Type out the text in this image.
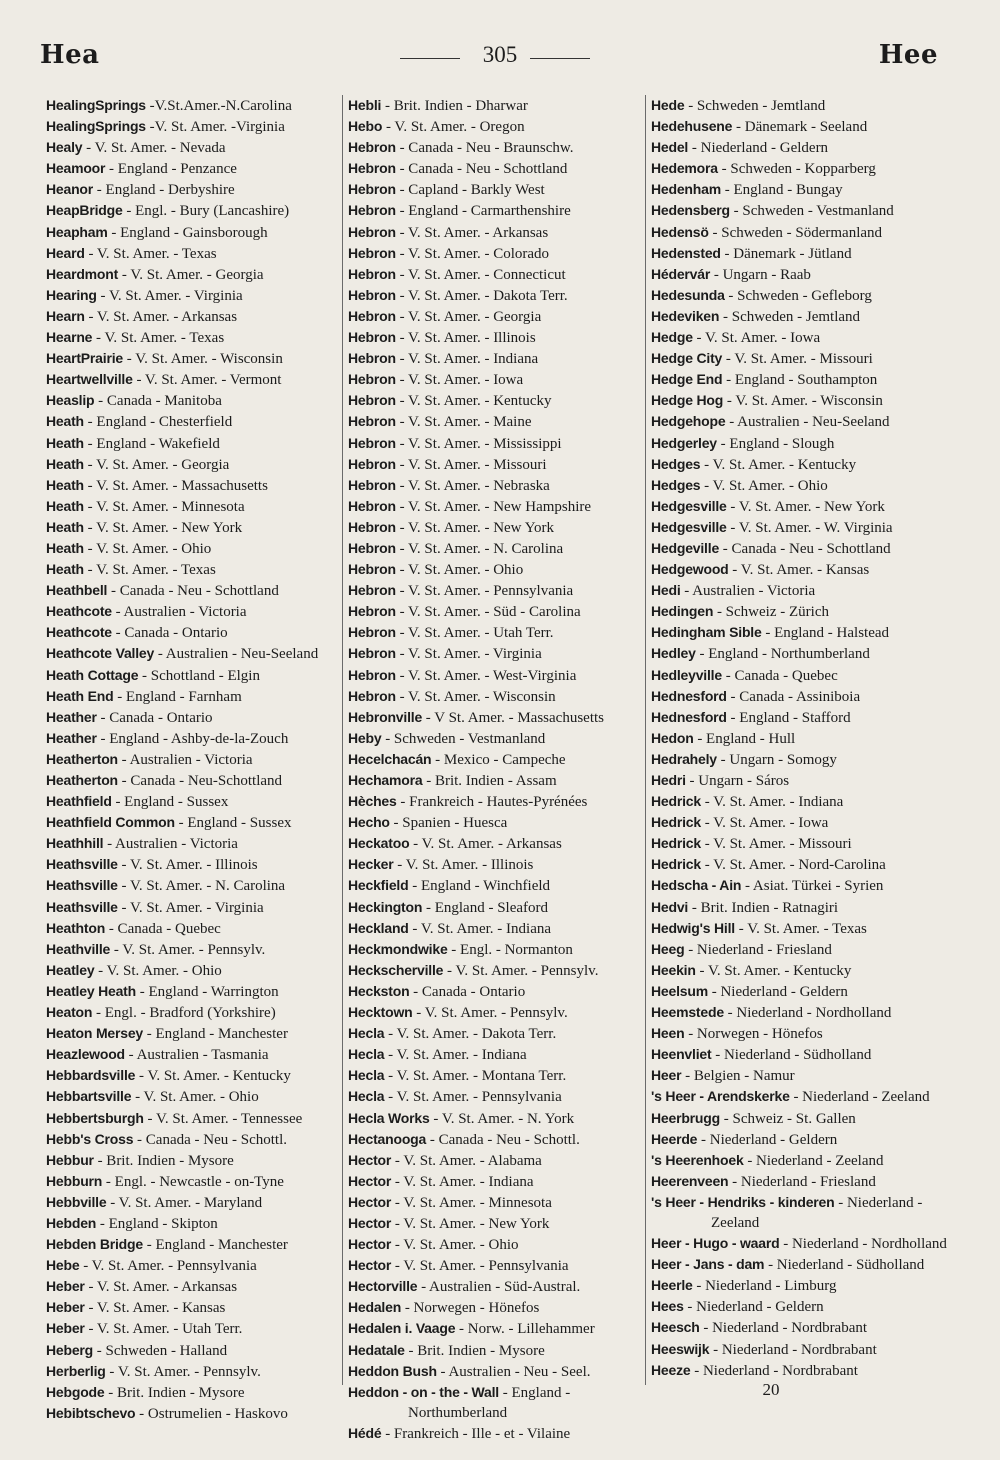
Hea	305	Hee
HealingSprings -V.St.Amer.-N.Carolina
HealingSprings -V. St. Amer. -Virginia
Healy - V. St. Amer. - Nevada
Heamoor - England - Penzance
Heanor - England - Derbyshire
HeapBridge - Engl. - Bury (Lancashire)
Heapham - England - Gainsborough
Heard - V. St. Amer. - Texas
Heardmont - V. St. Amer. - Georgia
Hearing - V. St. Amer. - Virginia
Hearn - V. St. Amer. - Arkansas
Hearne - V. St. Amer. - Texas
HeartPrairie - V. St. Amer. - Wisconsin
Heartwellville - V. St. Amer. - Vermont
Heaslip - Canada - Manitoba
Heath - England - Chesterfield
Heath - England - Wakefield
Heath - V. St. Amer. - Georgia
Heath - V. St. Amer. - Massachusetts
Heath - V. St. Amer. - Minnesota
Heath - V. St. Amer. - New York
Heath - V. St. Amer. - Ohio
Heath - V. St. Amer. - Texas
Heathbell - Canada - Neu - Schottland
Heathcote - Australien - Victoria
Heathcote - Canada - Ontario
Heathcote Valley - Australien - Neu-Seeland
Heath Cottage - Schottland - Elgin
Heath End - England - Farnham
Heather - Canada - Ontario
Heather - England - Ashby-de-la-Zouch
Heatherton - Australien - Victoria
Heatherton - Canada - Neu-Schottland
Heathfield - England - Sussex
Heathfield Common - England - Sussex
Heathhill - Australien - Victoria
Heathsville - V. St. Amer. - Illinois
Heathsville - V. St. Amer. - N. Carolina
Heathsville - V. St. Amer. - Virginia
Heathton - Canada - Quebec
Heathville - V. St. Amer. - Pennsylv.
Heatley - V. St. Amer. - Ohio
Heatley Heath - England - Warrington
Heaton - Engl. - Bradford (Yorkshire)
Heaton Mersey - England - Manchester
Heazlewood - Australien - Tasmania
Hebbardsville - V. St. Amer. - Kentucky
Hebbartsville - V. St. Amer. - Ohio
Hebbertsburgh - V. St. Amer. - Tennessee
Hebb's Cross - Canada - Neu - Schottl.
Hebbur - Brit. Indien - Mysore
Hebburn - Engl. - Newcastle - on-Tyne
Hebbville - V. St. Amer. - Maryland
Hebden - England - Skipton
Hebden Bridge - England - Manchester
Hebe - V. St. Amer. - Pennsylvania
Heber - V. St. Amer. - Arkansas
Heber - V. St. Amer. - Kansas
Heber - V. St. Amer. - Utah Terr.
Heberg - Schweden - Halland
Herberlig - V. St. Amer. - Pennsylv.
Hebgode - Brit. Indien - Mysore
Hebibtschevo - Ostrumelien - Haskovo
Hebli - Brit. Indien - Dharwar
Hebo - V. St. Amer. - Oregon
Hebron - Canada - Neu - Braunschw.
Hebron - Canada - Neu - Schottland
Hebron - Capland - Barkly West
Hebron - England - Carmarthenshire
Hebron - V. St. Amer. - Arkansas
Hebron - V. St. Amer. - Colorado
Hebron - V. St. Amer. - Connecticut
Hebron - V. St. Amer. - Dakota Terr.
Hebron - V. St. Amer. - Georgia
Hebron - V. St. Amer. - Illinois
Hebron - V. St. Amer. - Indiana
Hebron - V. St. Amer. - Iowa
Hebron - V. St. Amer. - Kentucky
Hebron - V. St. Amer. - Maine
Hebron - V. St. Amer. - Mississippi
Hebron - V. St. Amer. - Missouri
Hebron - V. St. Amer. - Nebraska
Hebron - V. St. Amer. - New Hampshire
Hebron - V. St. Amer. - New York
Hebron - V. St. Amer. - N. Carolina
Hebron - V. St. Amer. - Ohio
Hebron - V. St. Amer. - Pennsylvania
Hebron - V. St. Amer. - Süd - Carolina
Hebron - V. St. Amer. - Utah Terr.
Hebron - V. St. Amer. - Virginia
Hebron - V. St. Amer. - West-Virginia
Hebron - V. St. Amer. - Wisconsin
Hebronville - V St. Amer. - Massachusetts
Heby - Schweden - Vestmanland
Hecelchacán - Mexico - Campeche
Hechamora - Brit. Indien - Assam
Hèches - Frankreich - Hautes-Pyrénées
Hecho - Spanien - Huesca
Heckatoo - V. St. Amer. - Arkansas
Hecker - V. St. Amer. - Illinois
Heckfield - England - Winchfield
Heckington - England - Sleaford
Heckland - V. St. Amer. - Indiana
Heckmondwike - Engl. - Normanton
Heckscherville - V. St. Amer. - Pennsylv.
Heckston - Canada - Ontario
Hecktown - V. St. Amer. - Pennsylv.
Hecla - V. St. Amer. - Dakota Terr.
Hecla - V. St. Amer. - Indiana
Hecla - V. St. Amer. - Montana Terr.
Hecla - V. St. Amer. - Pennsylvania
Hecla Works - V. St. Amer. - N. York
Hectanooga - Canada - Neu - Schottl.
Hector - V. St. Amer. - Alabama
Hector - V. St. Amer. - Indiana
Hector - V. St. Amer. - Minnesota
Hector - V. St. Amer. - New York
Hector - V. St. Amer. - Ohio
Hector - V. St. Amer. - Pennsylvania
Hectorville - Australien - Süd-Austral.
Hedalen - Norwegen - Hönefos
Hedalen i. Vaage - Norw. - Lillehammer
Hedatale - Brit. Indien - Mysore
Heddon Bush - Australien - Neu - Seel.
Heddon - on - the - Wall - England - Northumberland
Hédé - Frankreich - Ille - et - Vilaine
Hede - Schweden - Jemtland
Hedehusene - Dänemark - Seeland
Hedel - Niederland - Geldern
Hedemora - Schweden - Kopparberg
Hedenham - England - Bungay
Hedensberg - Schweden - Vestmanland
Hedensö - Schweden - Södermanland
Hedensted - Dänemark - Jütland
Hédervár - Ungarn - Raab
Hedesunda - Schweden - Gefleborg
Hedeviken - Schweden - Jemtland
Hedge - V. St. Amer. - Iowa
Hedge City - V. St. Amer. - Missouri
Hedge End - England - Southampton
Hedge Hog - V. St. Amer. - Wisconsin
Hedgehope - Australien - Neu-Seeland
Hedgerley - England - Slough
Hedges - V. St. Amer. - Kentucky
Hedges - V. St. Amer. - Ohio
Hedgesville - V. St. Amer. - New York
Hedgesville - V. St. Amer. - W. Virginia
Hedgeville - Canada - Neu - Schottland
Hedgewood - V. St. Amer. - Kansas
Hedi - Australien - Victoria
Hedingen - Schweiz - Zürich
Hedingham Sible - England - Halstead
Hedley - England - Northumberland
Hedleyville - Canada - Quebec
Hednesford - Canada - Assiniboia
Hednesford - England - Stafford
Hedon - England - Hull
Hedrahely - Ungarn - Somogy
Hedri - Ungarn - Sáros
Hedrick - V. St. Amer. - Indiana
Hedrick - V. St. Amer. - Iowa
Hedrick - V. St. Amer. - Missouri
Hedrick - V. St. Amer. - Nord-Carolina
Hedscha - Ain - Asiat. Türkei - Syrien
Hedvi - Brit. Indien - Ratnagiri
Hedwig's Hill - V. St. Amer. - Texas
Heeg - Niederland - Friesland
Heekin - V. St. Amer. - Kentucky
Heelsum - Niederland - Geldern
Heemstede - Niederland - Nordholland
Heen - Norwegen - Hönefos
Heenvliet - Niederland - Südholland
Heer - Belgien - Namur
's Heer - Arendskerke - Niederland - Zeeland
Heerbrugg - Schweiz - St. Gallen
Heerde - Niederland - Geldern
's Heerenhoek - Niederland - Zeeland
Heerenveen - Niederland - Friesland
's Heer - Hendriks - kinderen - Niederland - Zeeland
Heer - Hugo - waard - Niederland - Nordholland
Heer - Jans - dam - Niederland - Südholland
Heerle - Niederland - Limburg
Hees - Niederland - Geldern
Heesch - Niederland - Nordbrabant
Heeswijk - Niederland - Nordbrabant
Heeze - Niederland - Nordbrabant
20
